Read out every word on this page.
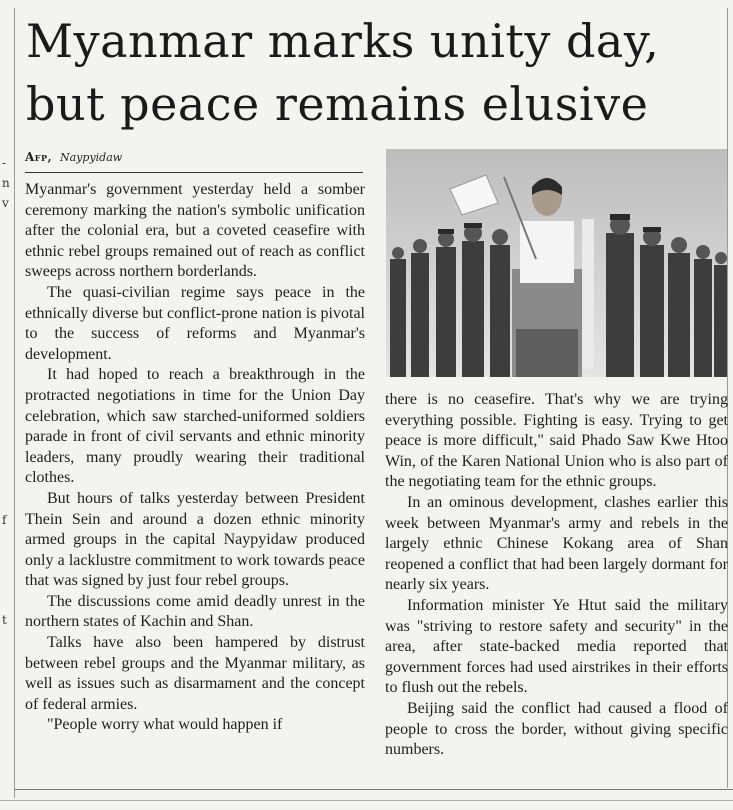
-
n
v
f
t
Myanmar marks unity day,
but peace remains elusive
Afp, Naypyidaw

Myanmar's government yesterday held a somber ceremony marking the nation's symbolic unification after the colonial era, but a coveted ceasefire with ethnic rebel groups remained out of reach as conflict sweeps across northern borderlands.

The quasi-civilian regime says peace in the ethnically diverse but conflict-prone nation is pivotal to the success of reforms and Myanmar's development.

It had hoped to reach a breakthrough in the protracted negotiations in time for the Union Day celebration, which saw starched-uniformed soldiers parade in front of civil servants and ethnic minority leaders, many proudly wearing their traditional clothes.

But hours of talks yesterday between President Thein Sein and around a dozen ethnic minority armed groups in the capital Naypyidaw produced only a lacklustre commitment to work towards peace that was signed by just four rebel groups.

The discussions come amid deadly unrest in the northern states of Kachin and Shan.

Talks have also been hampered by distrust between rebel groups and the Myanmar military, as well as issues such as disarmament and the concept of federal armies.

"People worry what would happen if

there is no ceasefire. That's why we are trying everything possible. Fighting is easy. Trying to get peace is more difficult," said Phado Saw Kwe Htoo Win, of the Karen National Union who is also part of the negotiating team for the ethnic groups.

In an ominous development, clashes earlier this week between Myanmar's army and rebels in the largely ethnic Chinese Kokang area of Shan reopened a conflict that had been largely dormant for nearly six years.

Information minister Ye Htut said the military was "striving to restore safety and security" in the area, after state-backed media reported that government forces had used airstrikes in their efforts to flush out the rebels.

Beijing said the conflict had caused a flood of people to cross the border, without giving specific numbers.
